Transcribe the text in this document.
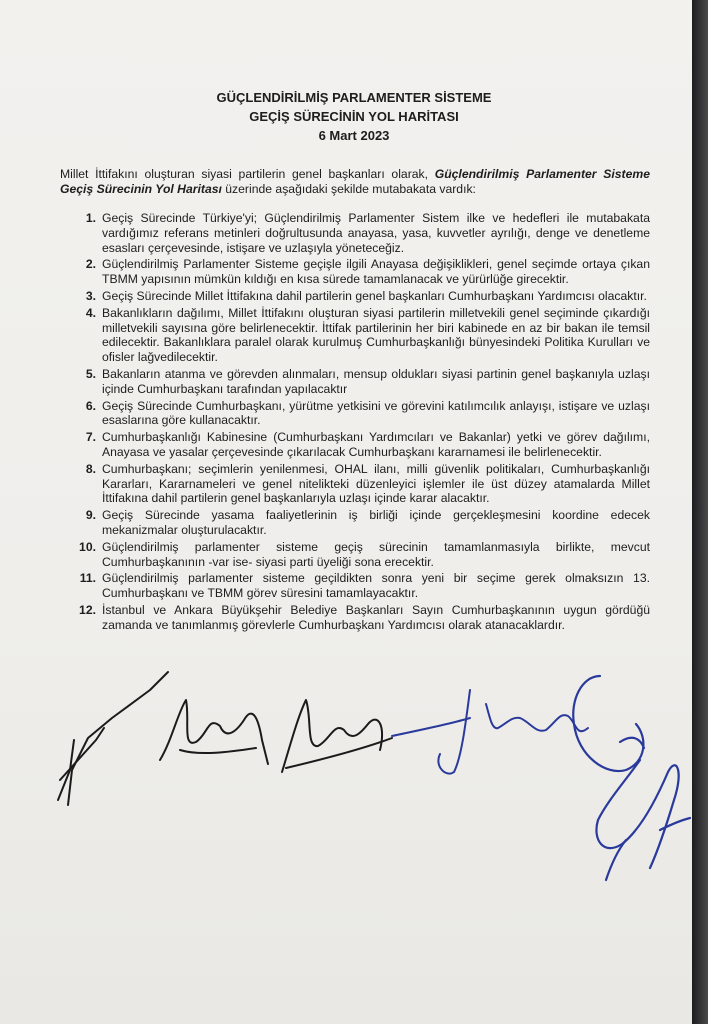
GÜÇLENDİRİLMİŞ PARLAMENTER SİSTEME
GEÇİŞ SÜRECİNİN YOL HARİTASI
6 Mart 2023
Millet İttifakını oluşturan siyasi partilerin genel başkanları olarak, Güçlendirilmiş Parlamenter Sisteme Geçiş Sürecinin Yol Haritası üzerinde aşağıdaki şekilde mutabakata vardık:
1. Geçiş Sürecinde Türkiye'yi; Güçlendirilmiş Parlamenter Sistem ilke ve hedefleri ile mutabakata vardığımız referans metinleri doğrultusunda anayasa, yasa, kuvvetler ayrılığı, denge ve denetleme esasları çerçevesinde, istişare ve uzlaşıyla yöneteceğiz.
2. Güçlendirilmiş Parlamenter Sisteme geçişle ilgili Anayasa değişiklikleri, genel seçimde ortaya çıkan TBMM yapısının mümkün kıldığı en kısa sürede tamamlanacak ve yürürlüğe girecektir.
3. Geçiş Sürecinde Millet İttifakına dahil partilerin genel başkanları Cumhurbaşkanı Yardımcısı olacaktır.
4. Bakanlıkların dağılımı, Millet İttifakını oluşturan siyasi partilerin milletvekili genel seçiminde çıkardığı milletvekili sayısına göre belirlenecektir. İttifak partilerinin her biri kabinede en az bir bakan ile temsil edilecektir. Bakanlıklara paralel olarak kurulmuş Cumhurbaşkanlığı bünyesindeki Politika Kurulları ve ofisler lağvedilecektir.
5. Bakanların atanma ve görevden alınmaları, mensup oldukları siyasi partinin genel başkanıyla uzlaşı içinde Cumhurbaşkanı tarafından yapılacaktır
6. Geçiş Sürecinde Cumhurbaşkanı, yürütme yetkisini ve görevini katılımcılık anlayışı, istişare ve uzlaşı esaslarına göre kullanacaktır.
7. Cumhurbaşkanlığı Kabinesine (Cumhurbaşkanı Yardımcıları ve Bakanlar) yetki ve görev dağılımı, Anayasa ve yasalar çerçevesinde çıkarılacak Cumhurbaşkanı kararnamesi ile belirlenecektir.
8. Cumhurbaşkanı; seçimlerin yenilenmesi, OHAL ilanı, milli güvenlik politikaları, Cumhurbaşkanlığı Kararları, Kararnameleri ve genel nitelikteki düzenleyici işlemler ile üst düzey atamalarda Millet İttifakına dahil partilerin genel başkanlarıyla uzlaşı içinde karar alacaktır.
9. Geçiş Sürecinde yasama faaliyetlerinin iş birliği içinde gerçekleşmesini koordine edecek mekanizmalar oluşturulacaktır.
10. Güçlendirilmiş parlamenter sisteme geçiş sürecinin tamamlanmasıyla birlikte, mevcut Cumhurbaşkanının -var ise- siyasi parti üyeliği sona erecektir.
11. Güçlendirilmiş parlamenter sisteme geçildikten sonra yeni bir seçime gerek olmaksızın 13. Cumhurbaşkanı ve TBMM görev süresini tamamlayacaktır.
12. İstanbul ve Ankara Büyükşehir Belediye Başkanları Sayın Cumhurbaşkanının uygun gördüğü zamanda ve tanımlanmış görevlerle Cumhurbaşkanı Yardımcısı olarak atanacaklardır.
